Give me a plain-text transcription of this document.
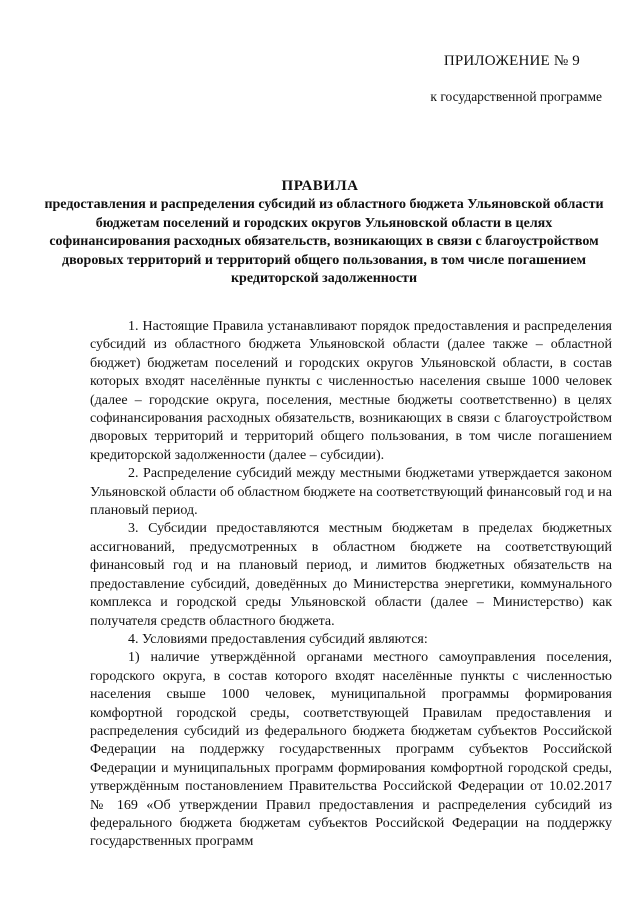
ПРИЛОЖЕНИЕ № 9
к государственной программе
ПРАВИЛА
предоставления и распределения субсидий из областного бюджета Ульяновской области бюджетам поселений и городских округов Ульяновской области в целях софинансирования расходных обязательств, возникающих в связи с благоустройством дворовых территорий и территорий общего пользования, в том числе погашением кредиторской задолженности

1. Настоящие Правила устанавливают порядок предоставления и распределения субсидий из областного бюджета Ульяновской области (далее также – областной бюджет) бюджетам поселений и городских округов Ульяновской области, в состав которых входят населённые пункты с численностью населения свыше 1000 человек (далее – городские округа, поселения, местные бюджеты соответственно) в целях софинансирования расходных обязательств, возникающих в связи с благоустройством дворовых территорий и территорий общего пользования, в том числе погашением кредиторской задолженности (далее – субсидии).

2. Распределение субсидий между местными бюджетами утверждается законом Ульяновской области об областном бюджете на соответствующий финансовый год и на плановый период.

3. Субсидии предоставляются местным бюджетам в пределах бюджетных ассигнований, предусмотренных в областном бюджете на соответствующий финансовый год и на плановый период, и лимитов бюджетных обязательств на предоставление субсидий, доведённых до Министерства энергетики, коммунального комплекса и городской среды Ульяновской области (далее – Министерство) как получателя средств областного бюджета.

4. Условиями предоставления субсидий являются:

1) наличие утверждённой органами местного самоуправления поселения, городского округа, в состав которого входят населённые пункты с численностью населения свыше 1000 человек, муниципальной программы формирования комфортной городской среды, соответствующей Правилам предоставления и распределения субсидий из федерального бюджета бюджетам субъектов Российской Федерации на поддержку государственных программ субъектов Российской Федерации и муниципальных программ формирования комфортной городской среды, утверждённым постановлением Правительства Российской Федерации от 10.02.2017 № 169 «Об утверждении Правил предоставления и распределения субсидий из федерального бюджета бюджетам субъектов Российской Федерации на поддержку государственных программ
